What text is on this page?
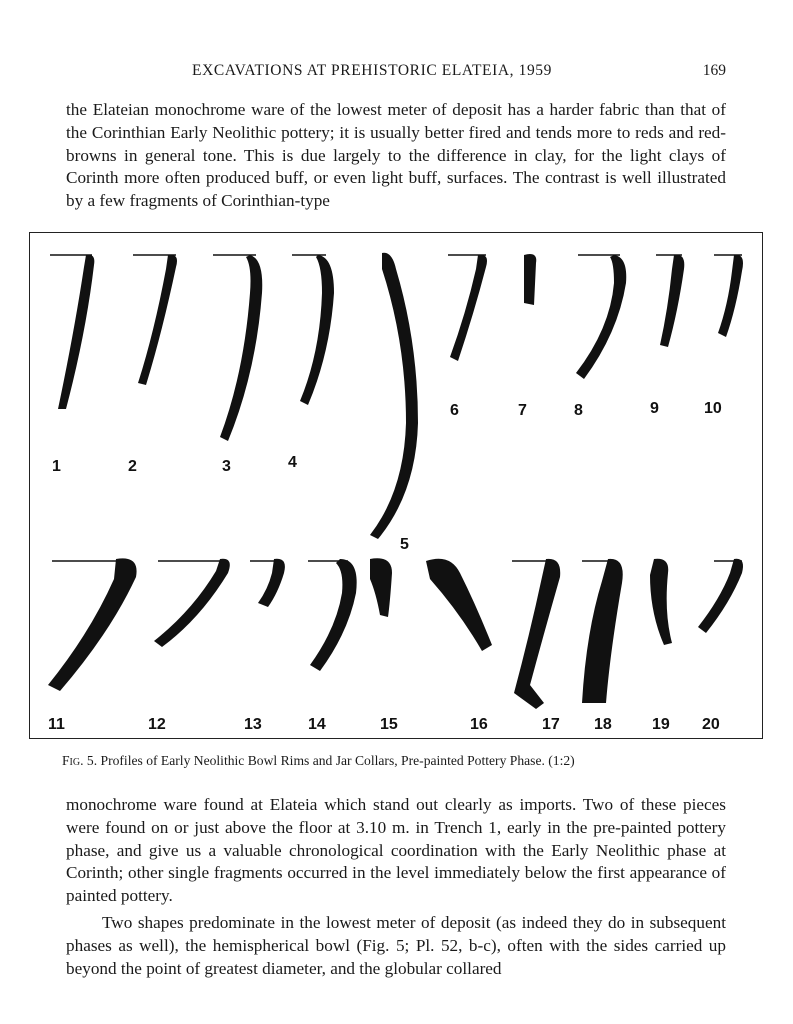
EXCAVATIONS AT PREHISTORIC ELATEIA, 1959	169

the Elateian monochrome ware of the lowest meter of deposit has a harder fabric than that of the Corinthian Early Neolithic pottery; it is usually better fired and tends more to reds and red-browns in general tone. This is due largely to the difference in clay, for the light clays of Corinth more often produced buff, or even light buff, surfaces. The contrast is well illustrated by a few fragments of Corinthian-type

1	2	3	4
5
6	7	8	9	10
11	12	13	14	15	16	17 18	19 20

Fig. 5. Profiles of Early Neolithic Bowl Rims and Jar Collars, Pre-painted Pottery Phase. (1:2)

monochrome ware found at Elateia which stand out clearly as imports. Two of these pieces were found on or just above the floor at 3.10 m. in Trench 1, early in the pre-painted pottery phase, and give us a valuable chronological coordination with the Early Neolithic phase at Corinth; other single fragments occurred in the level immediately below the first appearance of painted pottery.

Two shapes predominate in the lowest meter of deposit (as indeed they do in subsequent phases as well), the hemispherical bowl (Fig. 5; Pl. 52, b-c), often with the sides carried up beyond the point of greatest diameter, and the globular collared
